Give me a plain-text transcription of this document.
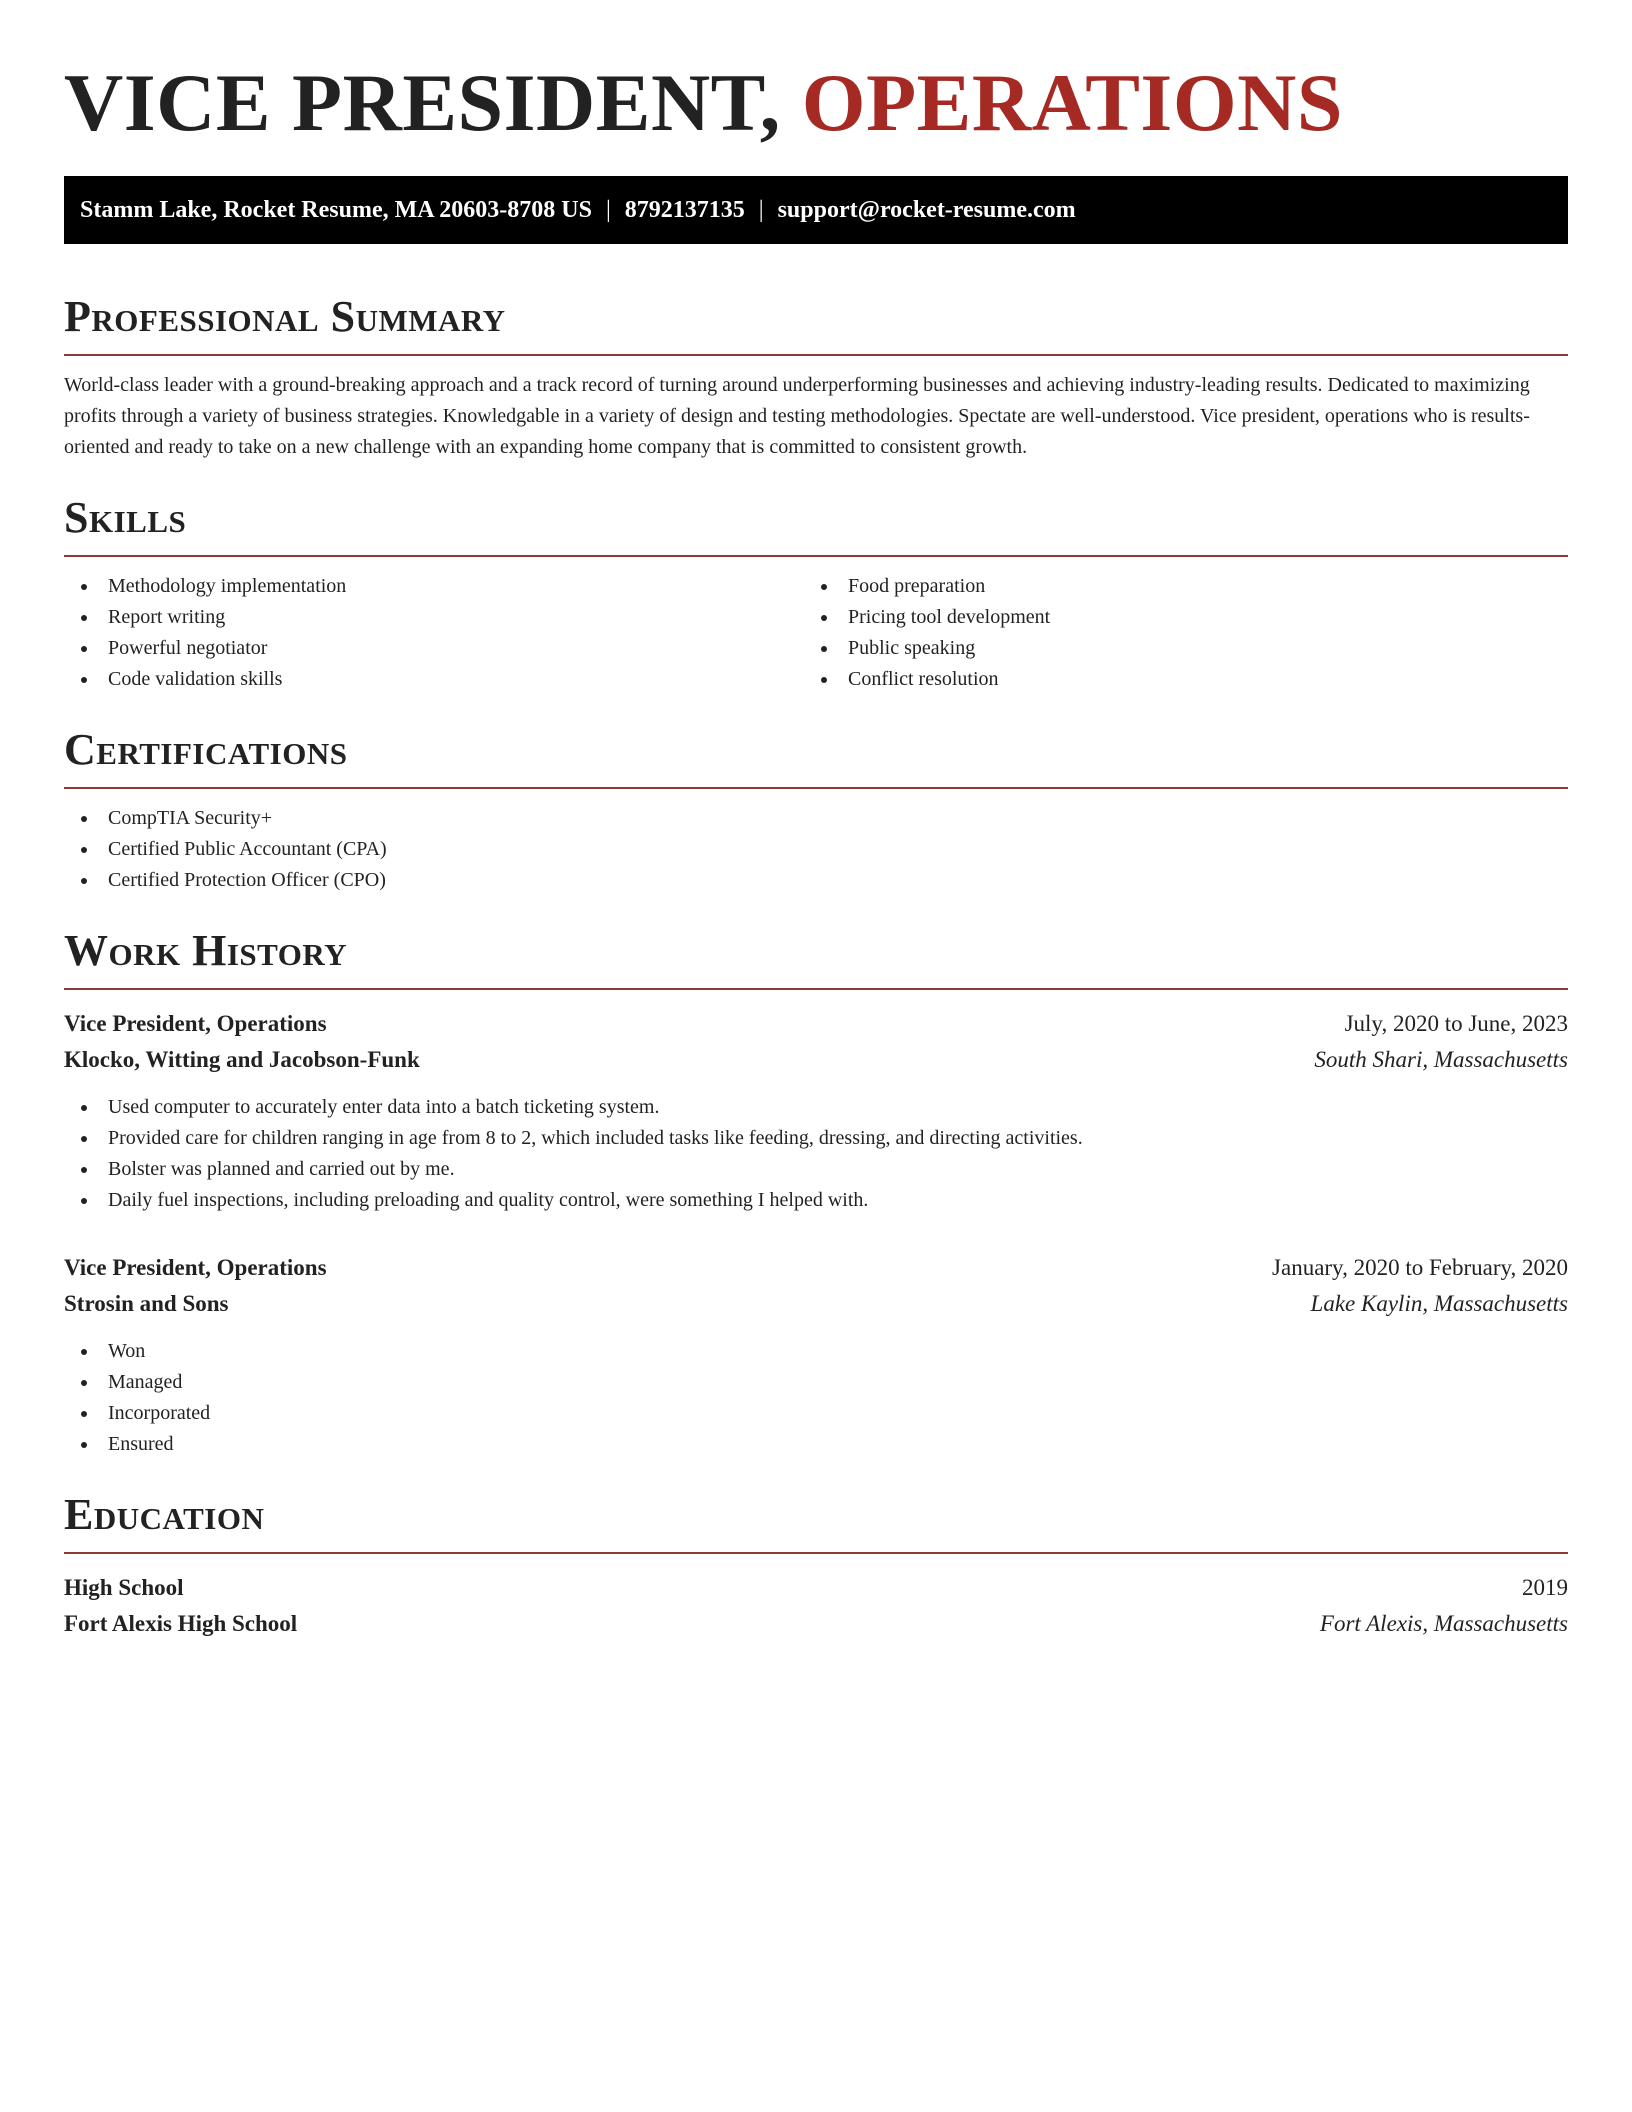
VICE PRESIDENT, OPERATIONS
Stamm Lake, Rocket Resume, MA 20603-8708 US | 8792137135 | support@rocket-resume.com
Professional Summary

World-class leader with a ground-breaking approach and a track record of turning around underperforming businesses and achieving industry-leading results. Dedicated to maximizing profits through a variety of business strategies. Knowledgable in a variety of design and testing methodologies. Spectate are well-understood. Vice president, operations who is results-oriented and ready to take on a new challenge with an expanding home company that is committed to consistent growth.

Skills
Methodology implementation
Report writing
Powerful negotiator
Code validation skills
Food preparation
Pricing tool development
Public speaking
Conflict resolution
Certifications
CompTIA Security+
Certified Public Accountant (CPA)
Certified Protection Officer (CPO)
Work History
Vice President, Operations	July, 2020 to June, 2023
Klocko, Witting and Jacobson-Funk	South Shari, Massachusetts
Used computer to accurately enter data into a batch ticketing system.
Provided care for children ranging in age from 8 to 2, which included tasks like feeding, dressing, and directing activities.
Bolster was planned and carried out by me.
Daily fuel inspections, including preloading and quality control, were something I helped with.
Vice President, Operations	January, 2020 to February, 2020
Strosin and Sons	Lake Kaylin, Massachusetts
Won
Managed
Incorporated
Ensured
Education
High School	2019
Fort Alexis High School	Fort Alexis, Massachusetts
